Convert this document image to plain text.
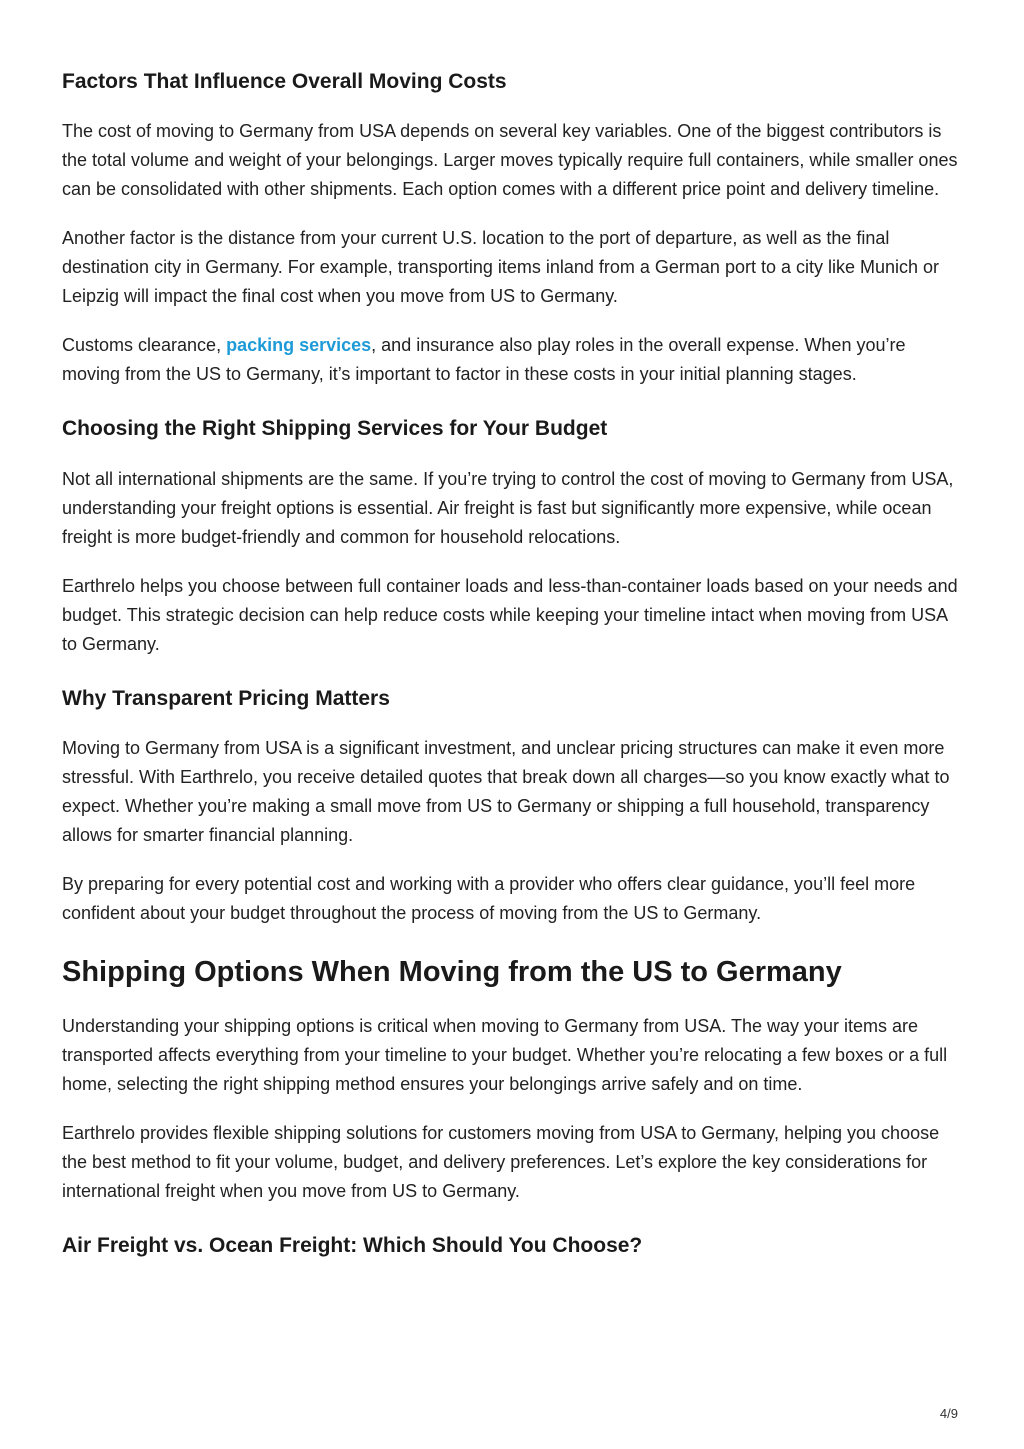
Factors That Influence Overall Moving Costs

The cost of moving to Germany from USA depends on several key variables. One of the biggest contributors is the total volume and weight of your belongings. Larger moves typically require full containers, while smaller ones can be consolidated with other shipments. Each option comes with a different price point and delivery timeline.

Another factor is the distance from your current U.S. location to the port of departure, as well as the final destination city in Germany. For example, transporting items inland from a German port to a city like Munich or Leipzig will impact the final cost when you move from US to Germany.

Customs clearance, packing services, and insurance also play roles in the overall expense. When you’re moving from the US to Germany, it’s important to factor in these costs in your initial planning stages.

Choosing the Right Shipping Services for Your Budget

Not all international shipments are the same. If you’re trying to control the cost of moving to Germany from USA, understanding your freight options is essential. Air freight is fast but significantly more expensive, while ocean freight is more budget-friendly and common for household relocations.

Earthrelo helps you choose between full container loads and less-than-container loads based on your needs and budget. This strategic decision can help reduce costs while keeping your timeline intact when moving from USA to Germany.

Why Transparent Pricing Matters

Moving to Germany from USA is a significant investment, and unclear pricing structures can make it even more stressful. With Earthrelo, you receive detailed quotes that break down all charges—so you know exactly what to expect. Whether you’re making a small move from US to Germany or shipping a full household, transparency allows for smarter financial planning.

By preparing for every potential cost and working with a provider who offers clear guidance, you’ll feel more confident about your budget throughout the process of moving from the US to Germany.

Shipping Options When Moving from the US to Germany

Understanding your shipping options is critical when moving to Germany from USA. The way your items are transported affects everything from your timeline to your budget. Whether you’re relocating a few boxes or a full home, selecting the right shipping method ensures your belongings arrive safely and on time.

Earthrelo provides flexible shipping solutions for customers moving from USA to Germany, helping you choose the best method to fit your volume, budget, and delivery preferences. Let’s explore the key considerations for international freight when you move from US to Germany.

Air Freight vs. Ocean Freight: Which Should You Choose?
4/9
